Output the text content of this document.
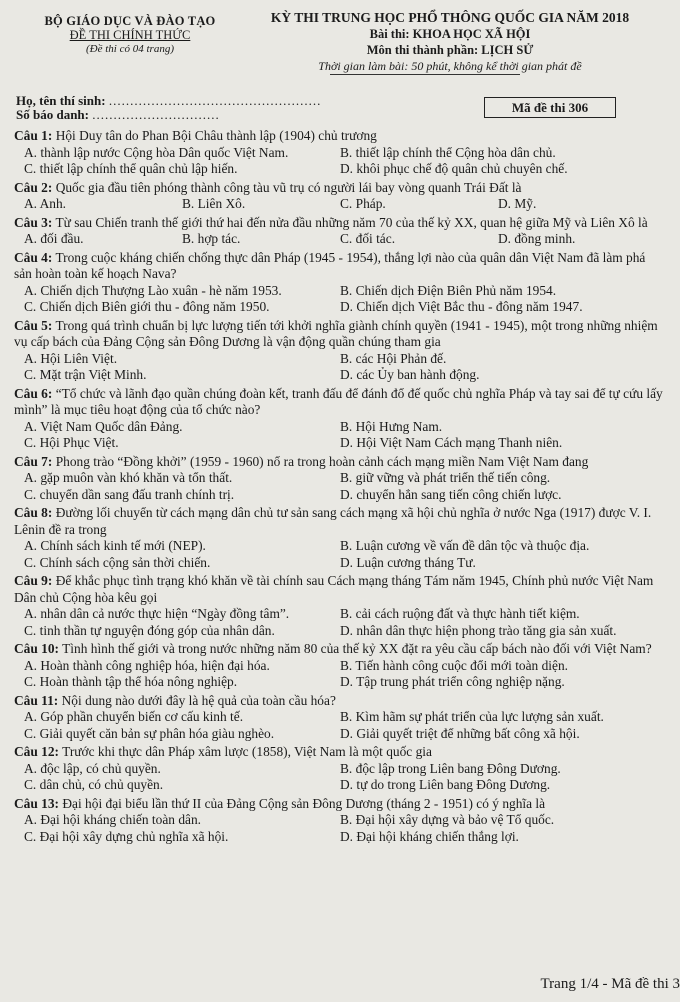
BỘ GIÁO DỤC VÀ ĐÀO TẠO
ĐỀ THI CHÍNH THỨC
(Đề thi có 04 trang)
KỲ THI TRUNG HỌC PHỔ THÔNG QUỐC GIA NĂM 2018
Bài thi: KHOA HỌC XÃ HỘI
Môn thi thành phần: LỊCH SỬ
Thời gian làm bài: 50 phút, không kể thời gian phát đề
Họ, tên thí sinh: ..................................................
Số báo danh: ..............................	Mã đề thi 306
Câu 1: Hội Duy tân do Phan Bội Châu thành lập (1904) chủ trương
A. thành lập nước Cộng hòa Dân quốc Việt Nam.	B. thiết lập chính thể Cộng hòa dân chủ.
C. thiết lập chính thể quân chủ lập hiến.	D. khôi phục chế độ quân chủ chuyên chế.
Câu 2: Quốc gia đầu tiên phóng thành công tàu vũ trụ có người lái bay vòng quanh Trái Đất là
A. Anh.	B. Liên Xô.	C. Pháp.	D. Mỹ.
Câu 3: Từ sau Chiến tranh thế giới thứ hai đến nửa đầu những năm 70 của thế kỷ XX, quan hệ giữa Mỹ và Liên Xô là
A. đối đầu.	B. hợp tác.	C. đối tác.	D. đồng minh.
Câu 4: Trong cuộc kháng chiến chống thực dân Pháp (1945 - 1954), thắng lợi nào của quân dân Việt Nam đã làm phá sản hoàn toàn kế hoạch Nava?
A. Chiến dịch Thượng Lào xuân - hè năm 1953.	B. Chiến dịch Điện Biên Phủ năm 1954.
C. Chiến dịch Biên giới thu - đông năm 1950.	D. Chiến dịch Việt Bắc thu - đông năm 1947.
Câu 5: Trong quá trình chuẩn bị lực lượng tiến tới khởi nghĩa giành chính quyền (1941 - 1945), một trong những nhiệm vụ cấp bách của Đảng Cộng sản Đông Dương là vận động quần chúng tham gia
A. Hội Liên Việt.	B. các Hội Phản đế.
C. Mặt trận Việt Minh.	D. các Ủy ban hành động.
Câu 6: “Tổ chức và lãnh đạo quần chúng đoàn kết, tranh đấu để đánh đổ đế quốc chủ nghĩa Pháp và tay sai để tự cứu lấy mình” là mục tiêu hoạt động của tổ chức nào?
A. Việt Nam Quốc dân Đảng.	B. Hội Hưng Nam.
C. Hội Phục Việt.	D. Hội Việt Nam Cách mạng Thanh niên.
Câu 7: Phong trào “Đồng khởi” (1959 - 1960) nổ ra trong hoàn cảnh cách mạng miền Nam Việt Nam đang
A. gặp muôn vàn khó khăn và tổn thất.	B. giữ vững và phát triển thế tiến công.
C. chuyển dần sang đấu tranh chính trị.	D. chuyển hẳn sang tiến công chiến lược.
Câu 8: Đường lối chuyển từ cách mạng dân chủ tư sản sang cách mạng xã hội chủ nghĩa ở nước Nga (1917) được V. I. Lênin đề ra trong
A. Chính sách kinh tế mới (NEP).	B. Luận cương về vấn đề dân tộc và thuộc địa.
C. Chính sách cộng sản thời chiến.	D. Luận cương tháng Tư.
Câu 9: Để khắc phục tình trạng khó khăn về tài chính sau Cách mạng tháng Tám năm 1945, Chính phủ nước Việt Nam Dân chủ Cộng hòa kêu gọi
A. nhân dân cả nước thực hiện “Ngày đồng tâm”.	B. cải cách ruộng đất và thực hành tiết kiệm.
C. tinh thần tự nguyện đóng góp của nhân dân.	D. nhân dân thực hiện phong trào tăng gia sản xuất.
Câu 10: Tình hình thế giới và trong nước những năm 80 của thế kỷ XX đặt ra yêu cầu cấp bách nào đối với Việt Nam?
A. Hoàn thành công nghiệp hóa, hiện đại hóa.	B. Tiến hành công cuộc đổi mới toàn diện.
C. Hoàn thành tập thể hóa nông nghiệp.	D. Tập trung phát triển công nghiệp nặng.
Câu 11: Nội dung nào dưới đây là hệ quả của toàn cầu hóa?
A. Góp phần chuyển biến cơ cấu kinh tế.	B. Kìm hãm sự phát triển của lực lượng sản xuất.
C. Giải quyết căn bản sự phân hóa giàu nghèo.	D. Giải quyết triệt để những bất công xã hội.
Câu 12: Trước khi thực dân Pháp xâm lược (1858), Việt Nam là một quốc gia
A. độc lập, có chủ quyền.	B. độc lập trong Liên bang Đông Dương.
C. dân chủ, có chủ quyền.	D. tự do trong Liên bang Đông Dương.
Câu 13: Đại hội đại biểu lần thứ II của Đảng Cộng sản Đông Dương (tháng 2 - 1951) có ý nghĩa là
A. Đại hội kháng chiến toàn dân.	B. Đại hội xây dựng và bảo vệ Tổ quốc.
C. Đại hội xây dựng chủ nghĩa xã hội.	D. Đại hội kháng chiến thắng lợi.
Trang 1/4 - Mã đề thi 3
